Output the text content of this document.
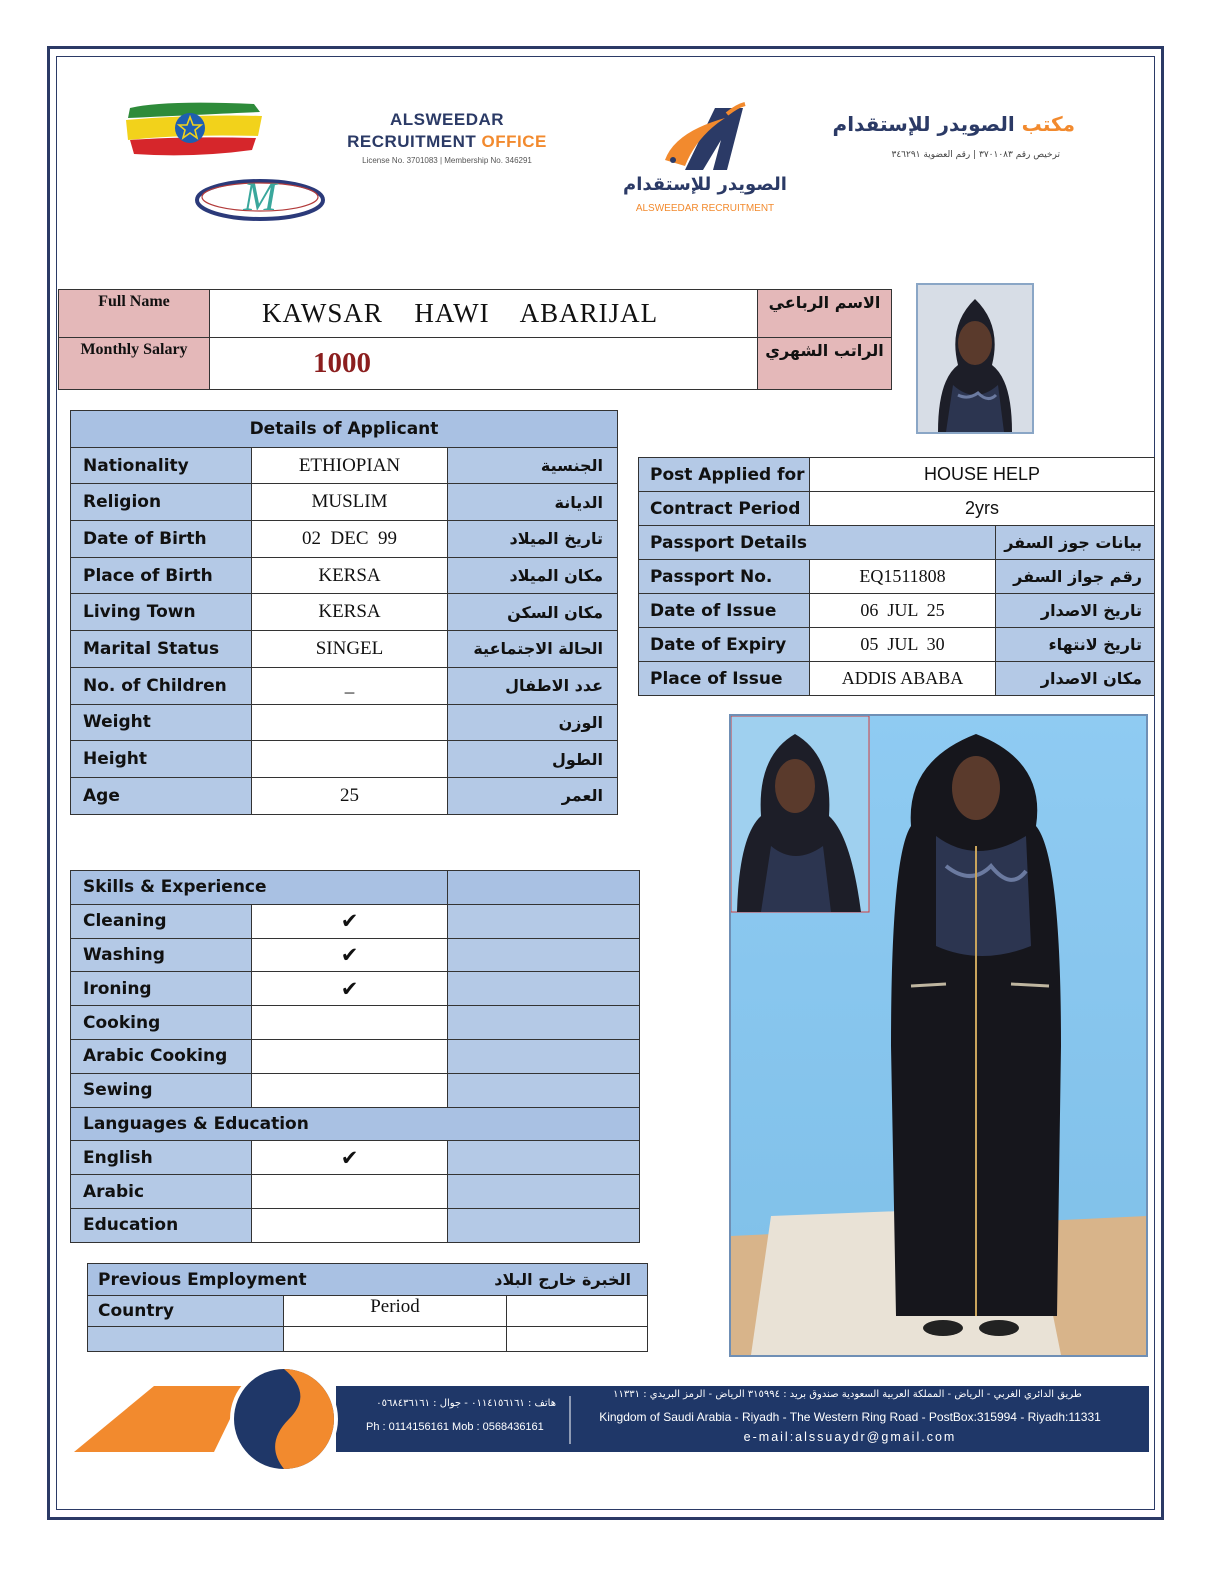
M
ALSWEEDAR
RECRUITMENT OFFICE
License No. 3701083 | Membership No. 346291
الصويدر للإستقدام
ALSWEEDAR RECRUITMENT
مكتب الصويدر للإستقدام
ترخيص رقم ٣٧٠١٠٨٣ | رقم العضوية ٣٤٦٢٩١
Full Name	KAWSAR  HAWI  ABARIJAL	الاسم الرباعي
Monthly Salary	1000	الراتب الشهري
Details of Applicant		
Nationality	ETHIOPIAN	الجنسية
Religion	MUSLIM	الديانة
Date of Birth	02  DEC  99	تاريخ الميلاد
Place of Birth	KERSA	مكان الميلاد
Living Town	KERSA	مكان السكن
Marital Status	SINGEL	الحالة الاجتماعية
No. of Children	_	عدد الاطفال
Weight		الوزن
Height		الطول
Age	25	العمر
Post Applied for	HOUSE HELP	
Contract Period	2yrs	
Passport Details		بيانات جوز السفر
Passport No.	EQ1511808	رقم جواز السفر
Date of Issue	06  JUL  25	تاريخ الاصدار
Date of Expiry	05  JUL  30	تاريخ لانتهاء
Place of Issue	ADDIS ABABA	مكان الاصدار
Skills & Experience		
Cleaning	✔	
Washing	✔	
Ironing	✔	
Cooking		
Arabic Cooking		
Sewing		
Languages & Education		
English	✔	
Arabic		
Education		
Previous Employment الخبرة خارج البلاد		

Country	Period	

هاتف : ٠١١٤١٥٦١٦١ - جوال : ٠٥٦٨٤٣٦١٦١
Ph : 0114156161 Mob : 0568436161
طريق الدائري الغربي - الرياض - المملكة العربية السعودية صندوق بريد : ٣١٥٩٩٤ الرياض - الرمز البريدي : ١١٣٣١
Kingdom of Saudi Arabia - Riyadh - The Western Ring Road - PostBox:315994 - Riyadh:11331
e-mail:alssuaydr@gmail.com
